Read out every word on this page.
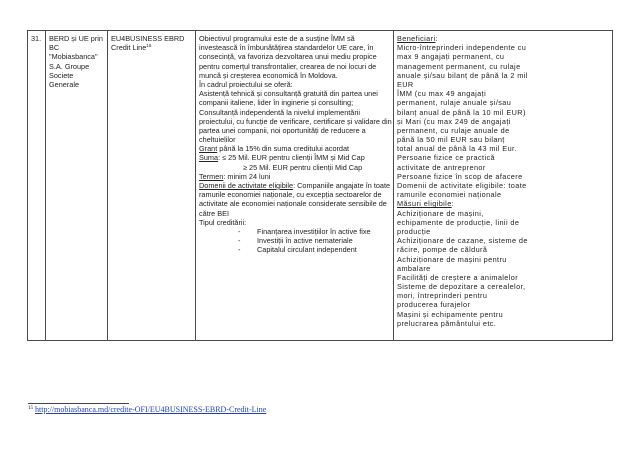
31.	BERD și UE prin
BC
"Mobiasbanca"
S.A. Groupe
Societe
Generale

EU4BUSINESS EBRD
Credit Line$^{15}$

Obiectivul programului este de a susține ÎMM să
investească în îmbunătățirea standardelor UE care, în
consecință, va favoriza dezvoltarea unui mediu propice
pentru comerțul transfrontalier, crearea de noi locuri de
muncă și creșterea economică în Moldova.
În cadrul proiectului se oferă:
Asistență tehnică și consultanță gratuită din partea unei
companii italiene, lider în inginerie și consulting;
Consultanță independentă la nivelul implementării
proiectului, cu funcție de verificare, certificare și validare din
partea unei companii, noi oportunități de reducere a
cheltuielilor
Grant până la 15% din suma creditului acordat
Suma: ≤ 25 Mil. EUR pentru clienții ÎMM și Mid Cap
≥ 25 Mil. EUR pentru clienții Mid Cap
Termen: minim 24 luni
Domenii de activitate eligibile: Companiile angajate în toate
ramurile economiei naționale, cu excepția sectoarelor de
activitate ale economiei naționale considerate sensibile de
către BEI
Tipul creditării:
- Finanțarea investițiilor în active fixe
- Investiții în active nemateriale
- Capitalul circulant independent

Beneficiari:
Micro-întreprinderi independente cu
max 9 angajați permanent, cu
management permanent, cu rulaje
anuale și/sau bilanț de până la 2 mil
EUR
ÎMM (cu max 49 angajați
permanent, rulaje anuale și/sau
bilanț anual de până la 10 mil EUR)
și Mari (cu max 249 de angajați
permanent, cu rulaje anuale de
până la 50 mil EUR sau bilanț
total anual de până la 43 mil Eur.
Persoane fizice ce practică
activitate de antreprenor
Persoane fizice în scop de afacere
Domenii de activitate eligibile: toate
ramurile economiei naționale
Măsuri eligibile:
Achiziționare de mașini,
echipamente de producție, linii de
producție
Achiziționare de cazane, sisteme de
răcire, pompe de căldură
Achiziționare de mașini pentru
ambalare
Facilități de creștere a animalelor
Sisteme de depozitare a cerealelor,
mori, întreprinderi pentru
producerea furajelor
Mașini și echipamente pentru
prelucrarea pământului etc.
$^{15}$ http://mobiasbanca.md/credite-OFI/EU4BUSINESS-EBRD-Credit-Line
